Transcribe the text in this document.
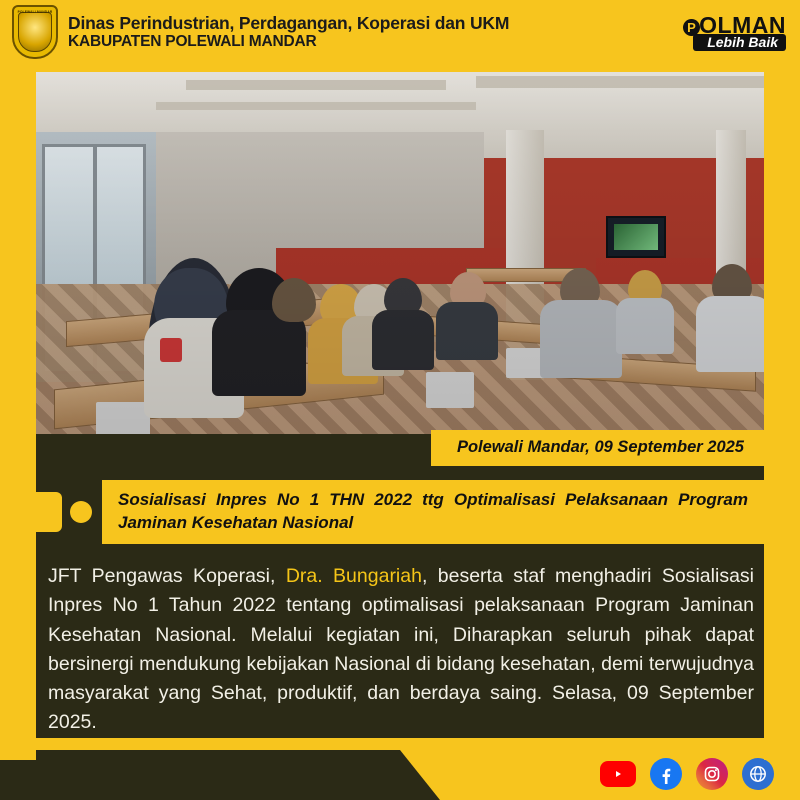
POLEWALI MANDAR
Dinas Perindustrian, Perdagangan, Koperasi dan UKM
KABUPATEN POLEWALI MANDAR
P OLMAN
Lebih Baik
Polewali Mandar, 09 September 2025
Sosialisasi Inpres No 1 THN 2022 ttg Optimalisasi Pelaksanaan Program Jaminan Kesehatan Nasional

JFT Pengawas Koperasi, Dra. Bungariah, beserta staf menghadiri Sosialisasi Inpres No 1 Tahun 2022 tentang optimalisasi pelaksanaan Program Jaminan Kesehatan Nasional. Melalui kegiatan ini, Diharapkan seluruh pihak dapat bersinergi mendukung kebijakan Nasional di bidang kesehatan, demi terwujudnya masyarakat yang Sehat, produktif, dan berdaya saing. Selasa, 09 September 2025.
